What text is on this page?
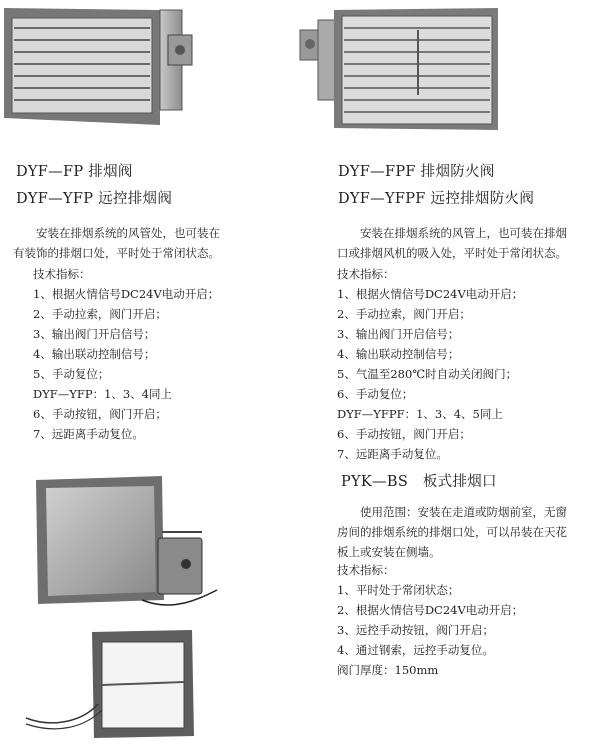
DYF—FP 排烟阀
DYF—YFP 远控排烟阀
安装在排烟系统的风管处，也可装在
有装饰的排烟口处，平时处于常闭状态。
技术指标：
1、根据火情信号DC24V电动开启；
2、手动拉索，阀门开启；
3、输出阀门开启信号；
4、输出联动控制信号；
5、手动复位；
DYF—YFP：1、3、4同上
6、手动按钮，阀门开启；
7、远距离手动复位。
DYF—FPF 排烟防火阀
DYF—YFPF 远控排烟防火阀
安装在排烟系统的风管上，也可装在排烟
口或排烟风机的吸入处，平时处于常闭状态。
技术指标：
1、根据火情信号DC24V电动开启；
2、手动拉索，阀门开启；
3、输出阀门开启信号；
4、输出联动控制信号；
5、气温至280℃时自动关闭阀门；
6、手动复位；
DYF—YFPF：1、3、4、5同上
6、手动按钮，阀门开启；
7、远距离手动复位。
PYK—BS　板式排烟口
使用范围：安装在走道或防烟前室，无窗
房间的排烟系统的排烟口处，可以吊装在天花
板上或安装在侧墙。
技术指标：
1、平时处于常闭状态；
2、根据火情信号DC24V电动开启；
3、远控手动按钮，阀门开启；
4、通过钢索，远控手动复位。
阀门厚度：150mm
